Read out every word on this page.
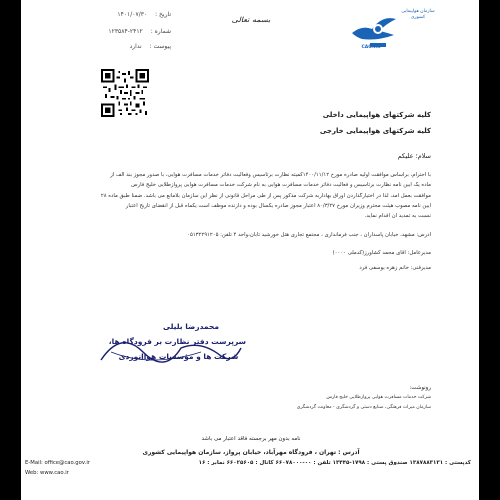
سازمان هواپیمایی کشوری
CAO.IRI
بسمه تعالی
تاریخ : ۱۴۰۱/۰۷/۳۰
شماره : ۲۴۱۲-۱۲۳۵۸۴
پیوست : ندارد
کلیه شرکتهای هواپیمایی داخلی
کلیه شرکتهای هواپیمایی خارجی
سلام؛ علیکم
با احترام، براساس موافقت اولیه صادره مورخ ۱۴۰۰/۱۱/۱۲کمیته نظارت برتأسیس وفعالیت دفاتر خدمات مسافرت هوایی، با صدور مجوز بند الف از
ماده یک آیین نامه نظارت برتأسیس و فعالیت دفاتر خدمات مسافرت هوایی به نام شرکت خدمات مسافرت هوایی پروازطلایی خلیج فارس
موافقت بعمل آمد، لذا در اختیارگذاردن اوراق بهاداربه شرکت مذکور پس از طی مراحل قانونی از نظر این سازمان بلامانع می باشد. ضمناً طبق ماده ۲۸
آیین نامه مصوب هیئت محترم وزیران مورخ ۸۰/۳/۲۷ اعتبار مجوز صادره یکسال بوده و دارنده موظف است یکماه قبل از انقضای تاریخ اعتبار
نسبت به تمدید آن اقدام نماید.
آدرس: مشهد، خیابان پاسداران ، جنب فرمانداری ، مجتمع تجاری هتل خورشید تابان،واحد ۴ تلفن: ۰۵۱۳۲۲۹۱۲۰۵
مدیرعامل: آقای محمد کشاورز(کدملی ۰۰۰۰)
مدیرفنی: خانم زهره یوسفی فرد
محمدرضا بلیلی
سرپرست دفتر نظارت بر فرودگاه ها،
شرکت ها و مؤسسات هواانوردی
رونوشت:
شرکت خدمات مسافرت هوایی پروازطلایی خلیج فارس
سازمان میراث فرهنگی، صنایع دستی و گردشگری - معاونت گردشگری
نامه بدون مهر برجسته فاقد اعتبار می باشد
آدرس : تهران ، فرودگاه مهرآباد، خیابان پرواز، سازمان هواپیمایی کشوری
کدپستی : ۱۳۸۷۸۸۳۱۳۱ صندوق پستی : ۱۷۹۸-۱۳۴۴۵ تلفن : ۰۰-۶۶۰۷۸۰۰۰ کانال : ۶۶۰۲۵۶۰۵ نمابر : ۱۶
E-Mail: office@cao.gov.ir
Web: www.cao.ir
